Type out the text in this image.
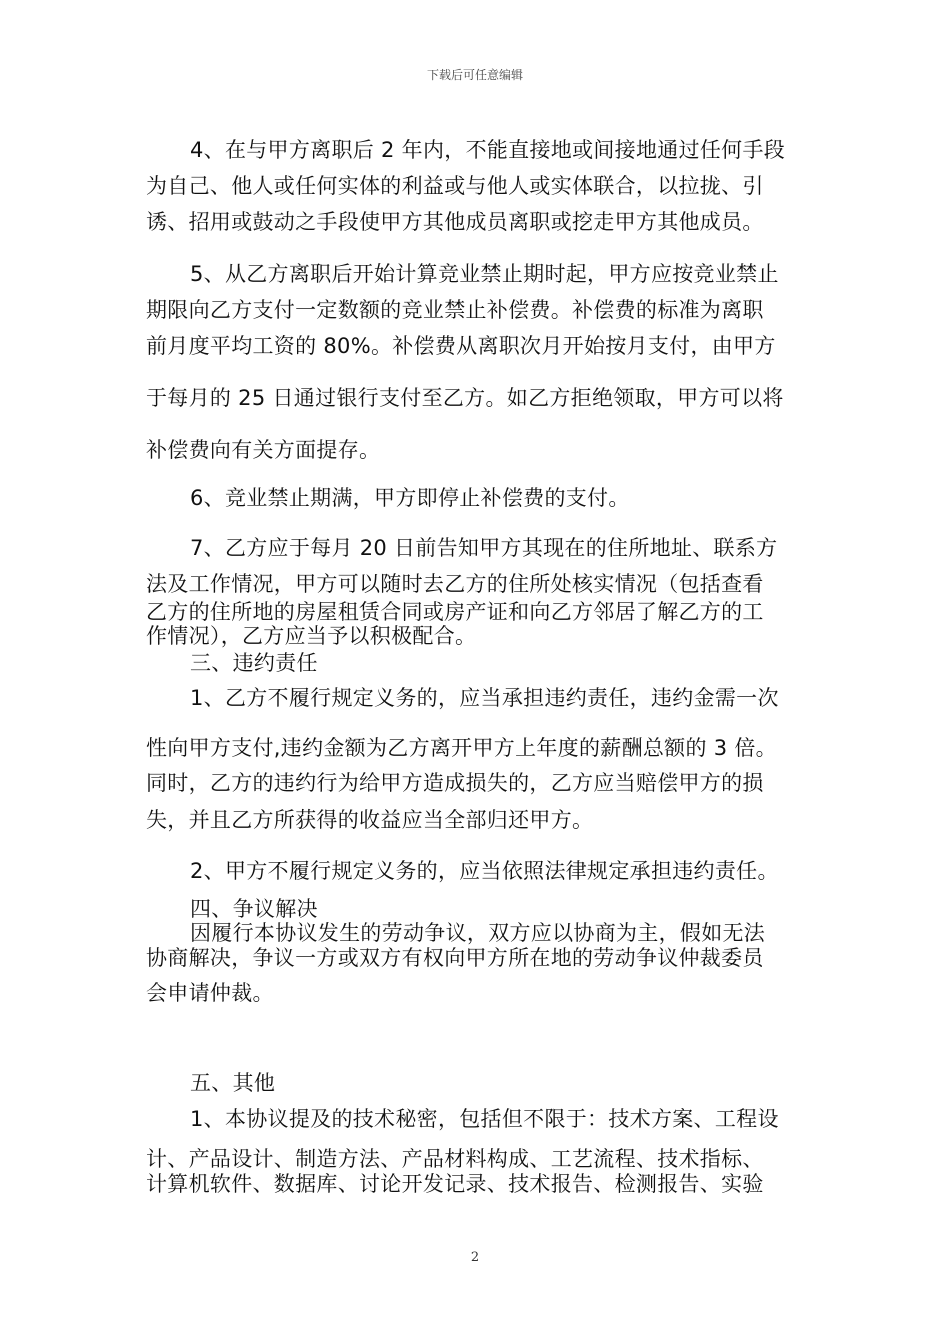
下载后可任意编辑
4、在与甲方离职后 2 年内，不能直接地或间接地通过任何手段
为自己、他人或任何实体的利益或与他人或实体联合，以拉拢、引
诱、招用或鼓动之手段使甲方其他成员离职或挖走甲方其他成员。
5、从乙方离职后开始计算竞业禁止期时起，甲方应按竞业禁止
期限向乙方支付一定数额的竞业禁止补偿费。补偿费的标准为离职
前月度平均工资的 80%。补偿费从离职次月开始按月支付，由甲方
于每月的 25 日通过银行支付至乙方。如乙方拒绝领取，甲方可以将
补偿费向有关方面提存。
6、竞业禁止期满，甲方即停止补偿费的支付。
7、乙方应于每月 20 日前告知甲方其现在的住所地址、联系方
法及工作情况，甲方可以随时去乙方的住所处核实情况（包括查看
乙方的住所地的房屋租赁合同或房产证和向乙方邻居了解乙方的工
作情况），乙方应当予以积极配合。
三、违约责任
1、乙方不履行规定义务的，应当承担违约责任，违约金需一次
性向甲方支付,违约金额为乙方离开甲方上年度的薪酬总额的 3 倍。
同时，乙方的违约行为给甲方造成损失的，乙方应当赔偿甲方的损
失，并且乙方所获得的收益应当全部归还甲方。
2、甲方不履行规定义务的，应当依照法律规定承担违约责任。
四、争议解决
因履行本协议发生的劳动争议，双方应以协商为主，假如无法
协商解决，争议一方或双方有权向甲方所在地的劳动争议仲裁委员
会申请仲裁。
五、其他
1、本协议提及的技术秘密，包括但不限于：技术方案、工程设
计、产品设计、制造方法、产品材料构成、工艺流程、技术指标、
计算机软件、数据库、讨论开发记录、技术报告、检测报告、实验
2
